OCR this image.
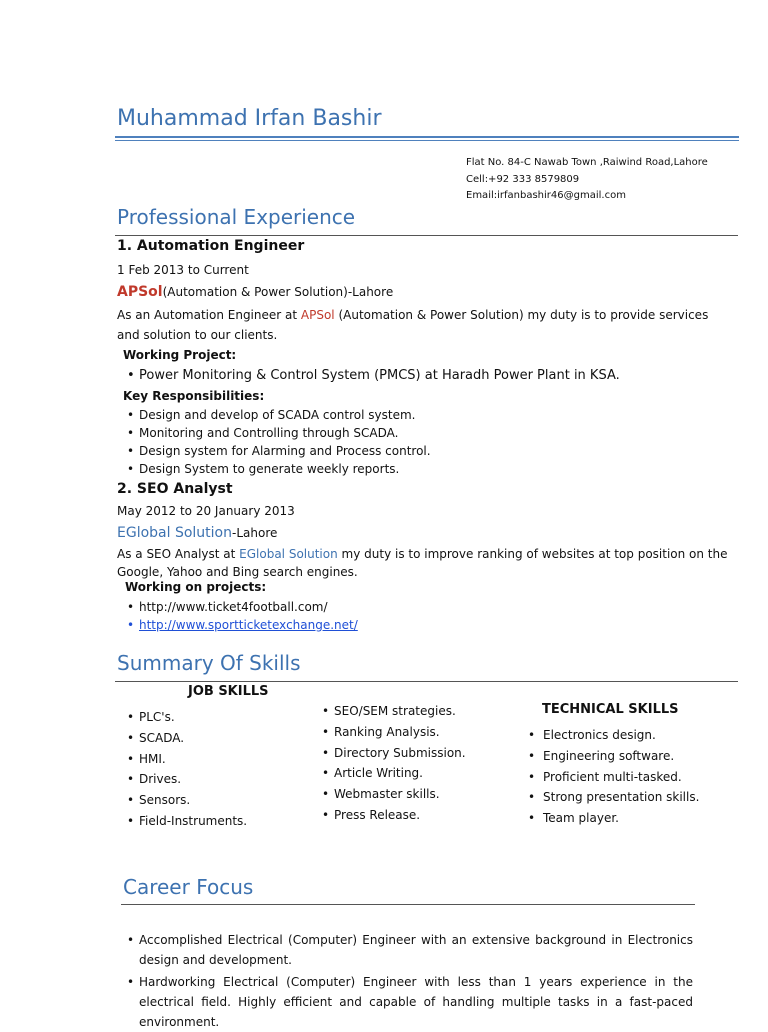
Muhammad Irfan Bashir
Flat No. 84-C Nawab Town ,Raiwind Road,Lahore
Cell:+92 333 8579809
Email:irfanbashir46@gmail.com
Professional Experience
1. Automation Engineer
1 Feb 2013 to Current
APSol(Automation & Power Solution)-Lahore
As an Automation Engineer at APSol (Automation & Power Solution) my duty is to provide services
and solution to our clients.
Working Project:
• Power Monitoring & Control System (PMCS) at Haradh Power Plant in KSA.
Key Responsibilities:
• Design and develop of SCADA control system.
• Monitoring and Controlling through SCADA.
• Design system for Alarming and Process control.
• Design System to generate weekly reports.
2. SEO Analyst
May 2012 to 20 January 2013
EGlobal Solution-Lahore
As a SEO Analyst at EGlobal Solution my duty is to improve ranking of websites at top position on the
Google, Yahoo and Bing search engines.
Working on projects:
• http://www.ticket4football.com/
• http://www.sportticketexchange.net/
Summary Of Skills
JOB SKILLS
• PLC's.
• SCADA.
• HMI.
• Drives.
• Sensors.
• Field-Instruments.
• SEO/SEM strategies.
• Ranking Analysis.
• Directory Submission.
• Article Writing.
• Webmaster skills.
• Press Release.
TECHNICAL SKILLS
• Electronics design.
• Engineering software.
• Proficient multi-tasked.
• Strong presentation skills.
• Team player.
Career Focus
• Accomplished Electrical (Computer) Engineer with an extensive background in Electronics design and development.
• Hardworking Electrical (Computer) Engineer with less than 1 years experience in the electrical field. Highly efficient and capable of handling multiple tasks in a fast-paced environment.
